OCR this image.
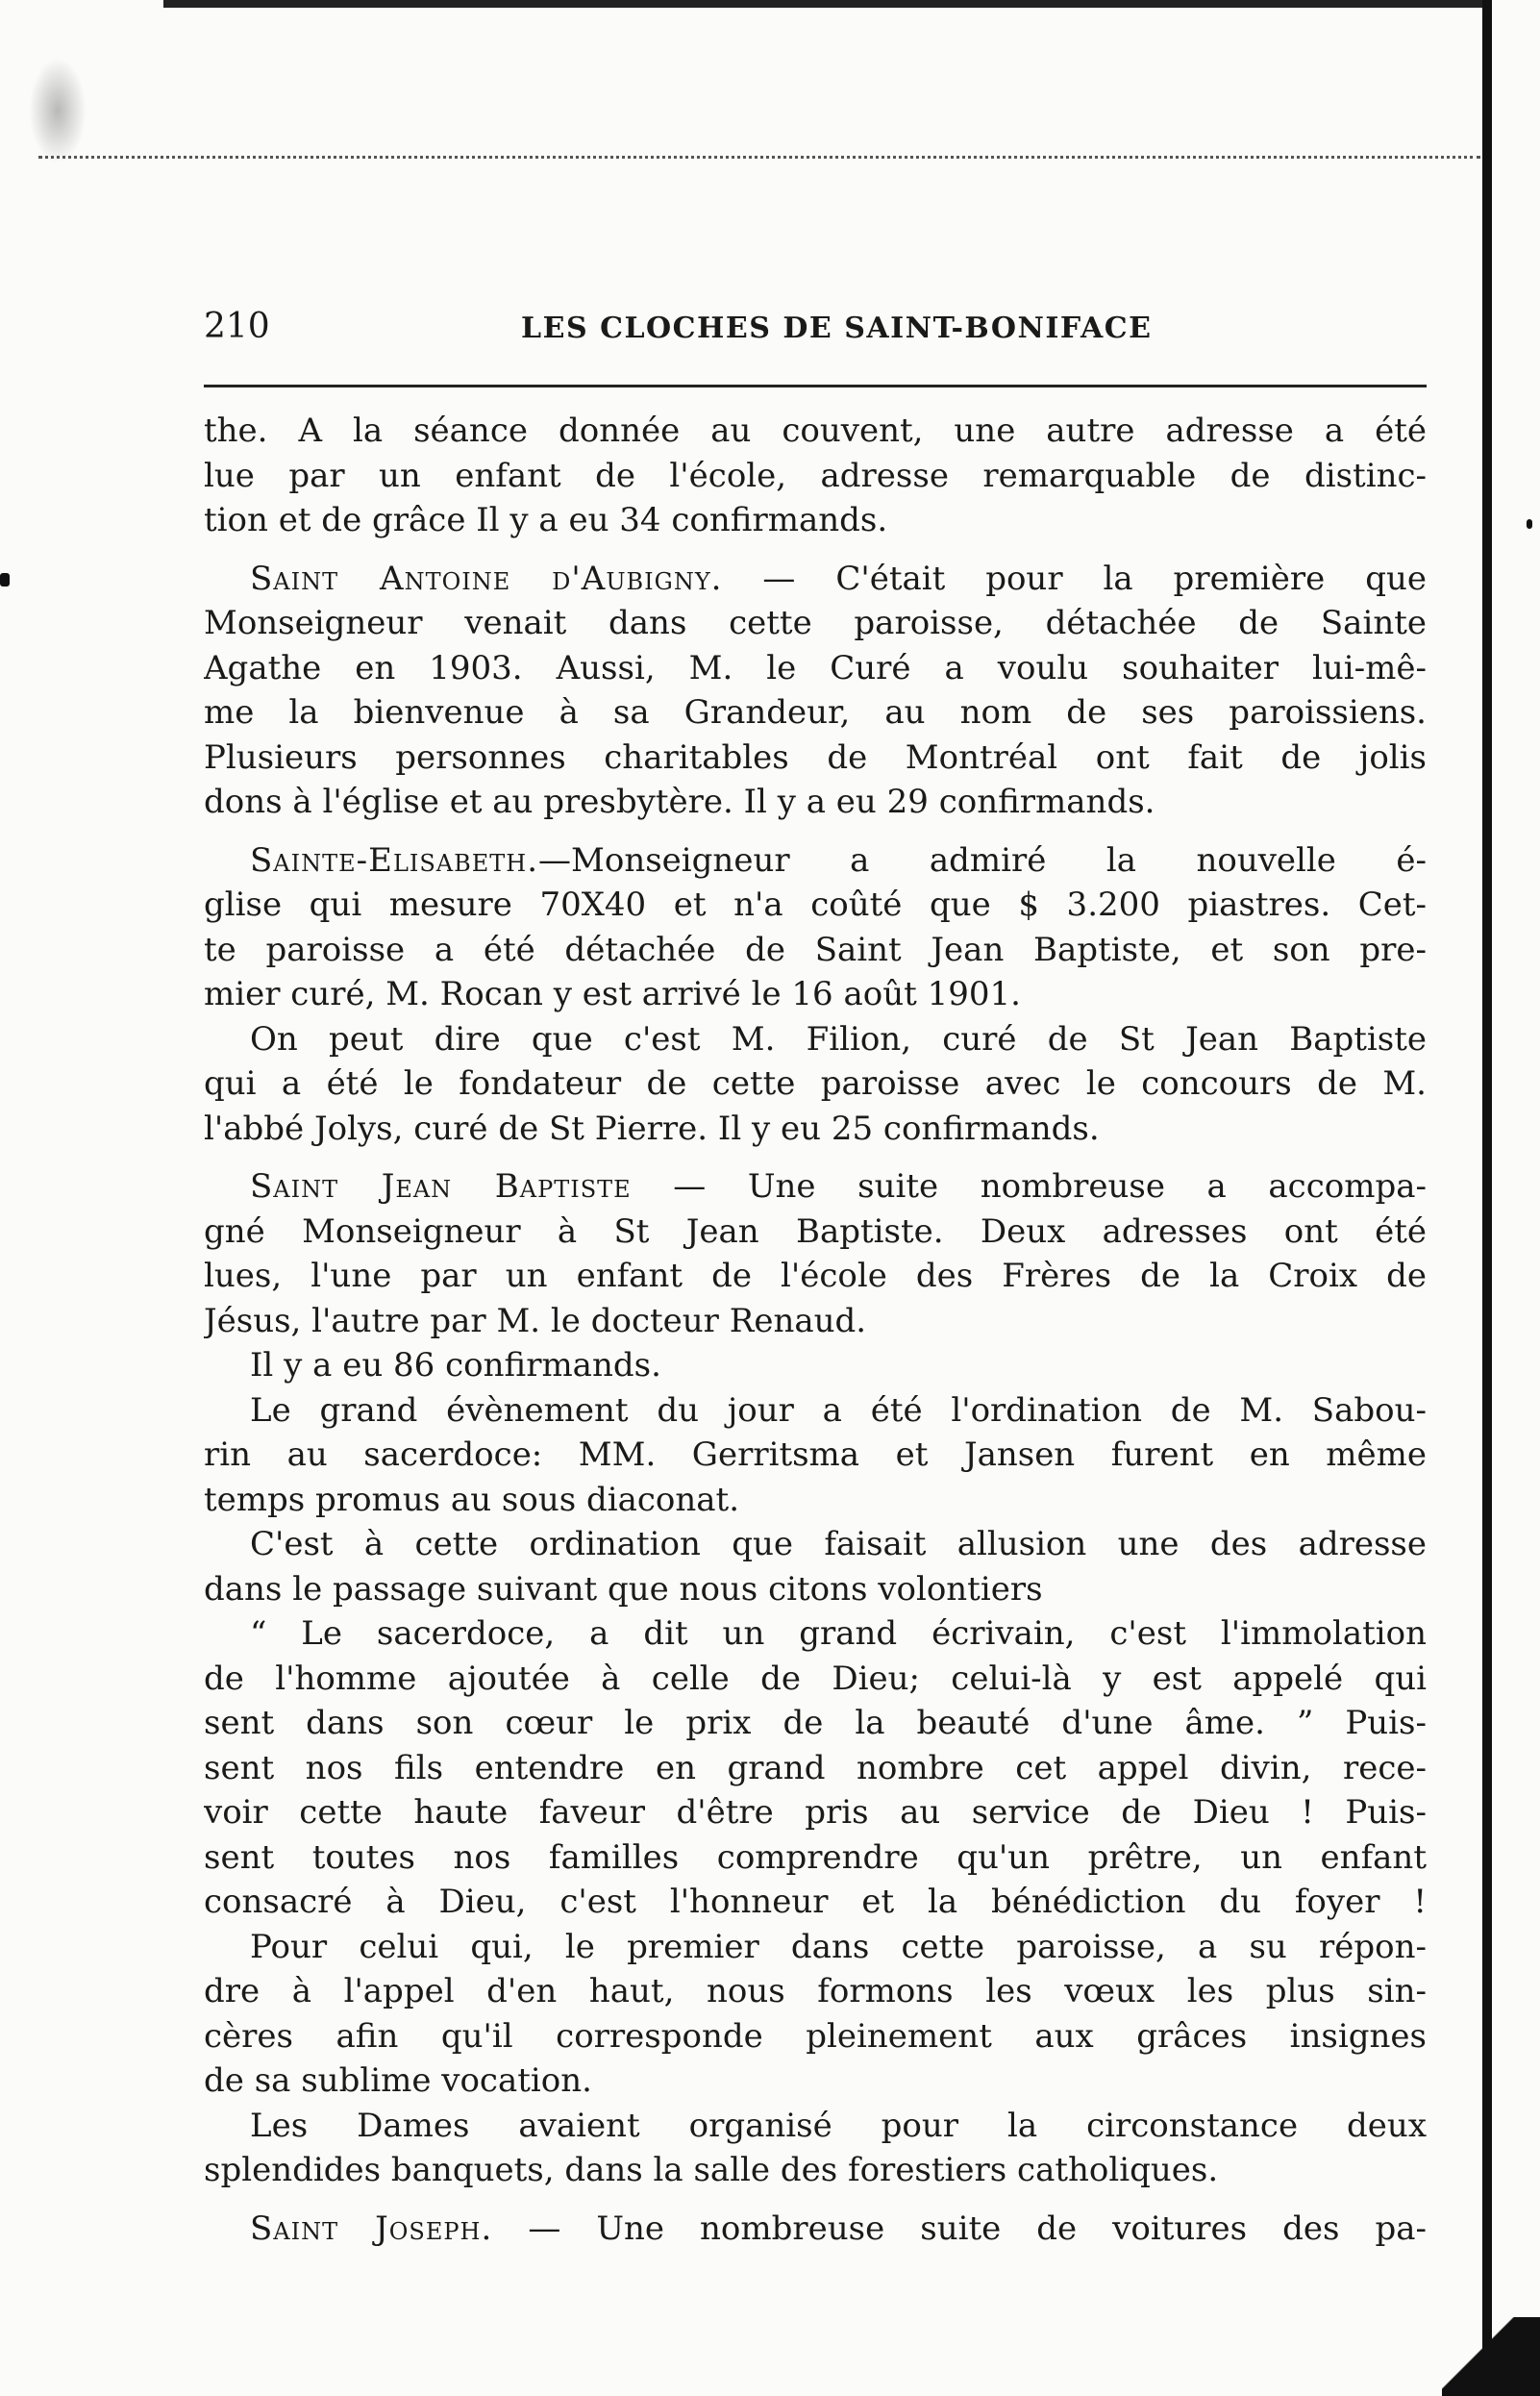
210	LES CLOCHES DE SAINT-BONIFACE
the. A la séance donnée au couvent, une autre adresse a été
lue par un enfant de l'école, adresse remarquable de distinc-
tion et de grâce Il y a eu 34 confirmands.
Saint Antoine d'Aubigny. — C'était pour la première que
Monseigneur venait dans cette paroisse, détachée de Sainte
Agathe en 1903. Aussi, M. le Curé a voulu souhaiter lui-mê-
me la bienvenue à sa Grandeur, au nom de ses paroissiens.
Plusieurs personnes charitables de Montréal ont fait de jolis
dons à l'église et au presbytère. Il y a eu 29 confirmands.
Sainte-Elisabeth.—Monseigneur a admiré la nouvelle é-
glise qui mesure 70X40 et n'a coûté que $ 3.200 piastres. Cet-
te paroisse a été détachée de Saint Jean Baptiste, et son pre-
mier curé, M. Rocan y est arrivé le 16 août 1901.
On peut dire que c'est M. Filion, curé de St Jean Baptiste
qui a été le fondateur de cette paroisse avec le concours de M.
l'abbé Jolys, curé de St Pierre. Il y eu 25 confirmands.
Saint Jean Baptiste — Une suite nombreuse a accompa-
gné Monseigneur à St Jean Baptiste. Deux adresses ont été
lues, l'une par un enfant de l'école des Frères de la Croix de
Jésus, l'autre par M. le docteur Renaud.
Il y a eu 86 confirmands.
Le grand évènement du jour a été l'ordination de M. Sabou-
rin au sacerdoce: MM. Gerritsma et Jansen furent en même
temps promus au sous diaconat.
C'est à cette ordination que faisait allusion une des adresse
dans le passage suivant que nous citons volontiers
“ Le sacerdoce, a dit un grand écrivain, c'est l'immolation
de l'homme ajoutée à celle de Dieu; celui-là y est appelé qui
sent dans son cœur le prix de la beauté d'une âme. ” Puis-
sent nos fils entendre en grand nombre cet appel divin, rece-
voir cette haute faveur d'être pris au service de Dieu ! Puis-
sent toutes nos familles comprendre qu'un prêtre, un enfant
consacré à Dieu, c'est l'honneur et la bénédiction du foyer !
Pour celui qui, le premier dans cette paroisse, a su répon-
dre à l'appel d'en haut, nous formons les vœux les plus sin-
cères afin qu'il corresponde pleinement aux grâces insignes
de sa sublime vocation.
Les Dames avaient organisé pour la circonstance deux
splendides banquets, dans la salle des forestiers catholiques.
Saint Joseph. — Une nombreuse suite de voitures des pa-
